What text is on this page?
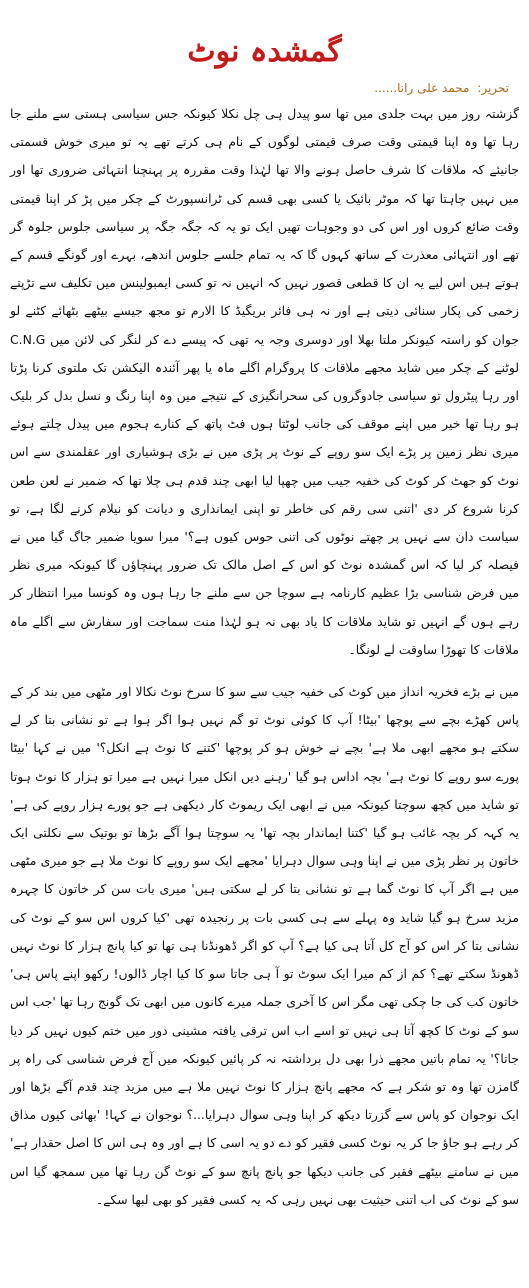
گمشدہ نوٹ
تحریر: محمد علی رانا......

گزشتہ روز میں بہت جلدی میں تھا سو پیدل ہی چل نکلا کیونکہ جس سیاسی ہستی سے ملنے جا رہا تھا وہ اپنا قیمتی وقت صرف قیمتی لوگوں کے نام ہی کرتے تھے یہ تو میری خوش قسمتی جانیئے کہ ملاقات کا شرف حاصل ہونے والا تھا لہٰذا وقت مقررہ پر پہنچنا انتہائی ضروری تھا اور میں نہیں چاہتا تھا کہ موٹر بائیک یا کسی بھی قسم کی ٹرانسپورٹ کے چکر میں پڑ کر اپنا قیمتی وقت ضائع کروں اور اس کی دو وجوہات تھیں ایک تو یہ کہ جگہ جگہ پر سیاسی جلوس جلوہ گر تھے اور انتہائی معذرت کے ساتھ کہوں گا کہ یہ تمام جلسے جلوس اندھے، بہرے اور گونگے قسم کے ہوتے ہیں اس لیے یہ ان کا قطعی قصور نہیں کہ انہیں نہ تو کسی ایمبولینس میں تکلیف سے تڑپتے زخمی کی پکار سنائی دیتی ہے اور نہ ہی فائر بریگیڈ کا الارم تو مجھ جیسے بیٹھے بٹھائے کٹنے لو جوان کو راستہ کیونکر ملتا بھلا اور دوسری وجہ یہ تھی کہ پیسے دے کر لنگر کی لائن میں C.N.G لوٹنے کے چکر میں شاید مجھے ملاقات کا پروگرام اگلے ماہ یا پھر آئندہ الیکشن تک ملتوی کرنا پڑتا اور رہا پیٹرول تو سیاسی جادوگروں کی سحرانگیزی کے نتیجے میں وہ اپنا رنگ و نسل بدل کر بلیک ہو رہا تھا خیر میں اپنے موقف کی جانب لوٹتا ہوں فٹ پاتھ کے کنارے ہجوم میں پیدل چلتے ہوئے میری نظر زمین پر پڑے ایک سو روپے کے نوٹ پر پڑی میں نے بڑی ہوشیاری اور عقلمندی سے اس نوٹ کو جھٹ کر کوٹ کی خفیہ جیب میں چھپا لیا ابھی چند قدم ہی چلا تھا کہ ضمیر نے لعن طعن کرنا شروع کر دی 'اتنی سی رقم کی خاطر تو اپنی ایمانداری و دیانت کو نیلام کرنے لگا ہے، تو سیاست دان سے نہیں پر چھتے نوٹوں کی اتنی حوس کیوں ہے؟' میرا سویا ضمیر جاگ گیا میں نے فیصلہ کر لیا کہ اس گمشدہ نوٹ کو اس کے اصل مالک تک ضرور پہنچاؤں گا کیونکہ میری نظر میں فرض شناسی بڑا عظیم کارنامہ ہے سوچا جن سے ملنے جا رہا ہوں وہ کونسا میرا انتظار کر رہے ہوں گے انہیں تو شاید ملاقات کا یاد بھی نہ ہو لہٰذا منت سماجت اور سفارش سے اگلے ماہ ملاقات کا تھوڑا ساوقت لے لونگا۔

میں نے بڑے فخریہ انداز میں کوٹ کی خفیہ جیب سے سو کا سرخ نوٹ نکالا اور مٹھی میں بند کر کے پاس کھڑے بچے سے پوچھا 'بیٹا! آپ کا کوئی نوٹ تو گم نہیں ہوا اگر ہوا ہے تو نشانی بتا کر لے سکتے ہو مجھے ابھی ملا ہے' بچے نے خوش ہو کر پوچھا 'کتنے کا نوٹ ہے انکل؟' میں نے کہا 'بیٹا پورے سو روپے کا نوٹ ہے' بچہ اداس ہو گیا 'رہنے دیں انکل میرا نہیں ہے میرا تو ہزار کا نوٹ ہوتا تو شاید میں کچھ سوچتا کیونکہ میں نے ابھی ایک ریموٹ کار دیکھی ہے جو پورے ہزار روپے کی ہے' یہ کہہ کر بچہ غائب ہو گیا 'کتنا ایماندار بچہ تھا' یہ سوچتا ہوا آگے بڑھا تو بوتیک سے نکلتی ایک خاتون پر نظر پڑی میں نے اپنا وہی سوال دہرایا 'مجھے ایک سو روپے کا نوٹ ملا ہے جو میری مٹھی میں ہے اگر آپ کا نوٹ گما ہے تو نشانی بتا کر لے سکتی ہیں' میری بات سن کر خاتون کا چہرہ مزید سرخ ہو گیا شاید وہ پہلے سے ہی کسی بات پر رنجیدہ تھی 'کیا کروں اس سو کے نوٹ کی نشانی بتا کر اس کو آج کل آتا ہی کیا ہے؟ آپ کو اگر ڈھونڈنا ہی تھا تو کیا پانچ ہزار کا نوٹ نہیں ڈھونڈ سکتے تھے؟ کم از کم میرا ایک سوٹ تو آ ہی جاتا سو کا کیا اچار ڈالوں! رکھو اپنے پاس ہی' خاتون کب کی جا چکی تھی مگر اس کا آخری جملہ میرے کانوں میں ابھی تک گونج رہا تھا 'جب اس سو کے نوٹ کا کچھ آتا ہی نہیں تو اسے اب اس ترقی یافتہ مشینی دور میں ختم کیوں نہیں کر دیا جاتا؟' یہ تمام باتیں مجھے ذرا بھی دل برداشتہ نہ کر پائیں کیونکہ میں آج فرض شناسی کی راہ پر گامزن تھا وہ تو شکر ہے کہ مجھے پانچ ہزار کا نوٹ نہیں ملا ہے میں مزید چند قدم آگے بڑھا اور ایک نوجوان کو پاس سے گزرتا دیکھ کر اپنا وہی سوال دہرایا...؟ نوجوان نے کہا! 'بھائی کیوں مذاق کر رہے ہو جاؤ جا کر یہ نوٹ کسی فقیر کو دے دو یہ اسی کا ہے اور وہ ہی اس کا اصل حقدار ہے' میں نے سامنے بیٹھے فقیر کی جانب دیکھا جو پانچ پانچ سو کے نوٹ گن رہا تھا میں سمجھ گیا اس سو کے نوٹ کی اب اتنی حیثیت بھی نہیں رہی کہ یہ کسی فقیر کو بھی لبھا سکے۔
